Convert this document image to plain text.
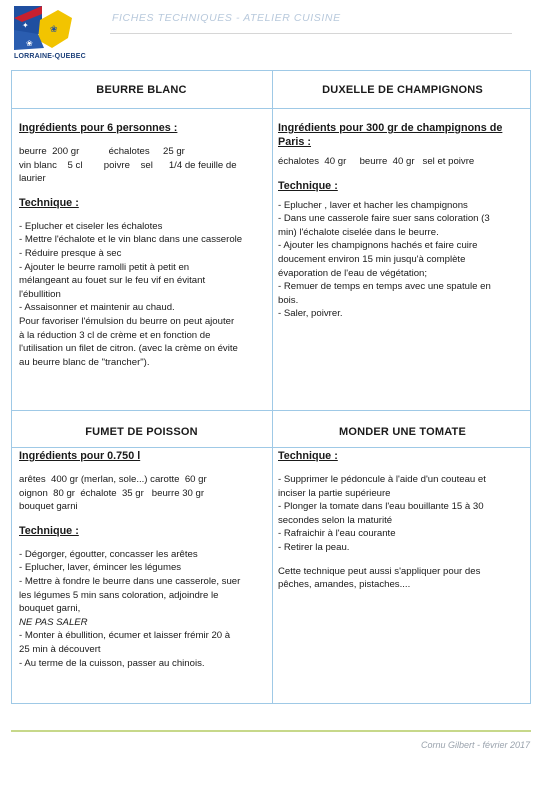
✦ ❀
❀
LORRAINE-QUEBEC
FICHES TECHNIQUES - ATELIER CUISINE
BEURRE BLANC

Ingrédients pour 6 personnes :

beurre  200 gr           échalotes     25 gr

vin blanc    5 cl        poivre    sel      1/4 de feuille de

laurier

Technique :

- Eplucher et ciseler les échalotes

- Mettre l'échalote et le vin blanc dans une casserole

- Réduire presque à sec

- Ajouter le beurre ramolli petit à petit en

mélangeant au fouet sur le feu vif en évitant

l'ébullition

- Assaisonner et maintenir au chaud.

Pour favoriser l'émulsion du beurre on peut ajouter

à la réduction 3 cl de crème et en fonction de

l'utilisation un filet de citron. (avec la crème on évite

au beurre blanc de "trancher").

DUXELLE DE CHAMPIGNONS

Ingrédients pour 300 gr de champignons de

Paris :

échalotes  40 gr     beurre  40 gr   sel et poivre

Technique :

- Eplucher , laver et hacher les champignons

- Dans une casserole faire suer sans coloration (3

min) l'échalote ciselée dans le beurre.

- Ajouter les champignons hachés et faire cuire

doucement environ 15 min jusqu'à complète

évaporation de l'eau de végétation;

- Remuer de temps en temps avec une spatule en

bois.

- Saler, poivrer.

FUMET DE POISSON

Ingrédients pour 0.750 l

arêtes  400 gr (merlan, sole...) carotte  60 gr

oignon  80 gr  échalote  35 gr   beurre 30 gr

bouquet garni

Technique :

- Dégorger, égoutter, concasser les arêtes

- Eplucher, laver, émincer les légumes

- Mettre à fondre le beurre dans une casserole, suer

les légumes 5 min sans coloration, adjoindre le

bouquet garni,

NE PAS SALER

- Monter à ébullition, écumer et laisser frémir 20 à

25 min à découvert

- Au terme de la cuisson, passer au chinois.

MONDER UNE TOMATE

Technique :

- Supprimer le pédoncule à l'aide d'un couteau et

inciser la partie supérieure

- Plonger la tomate dans l'eau bouillante 15 à 30

secondes selon la maturité

- Rafraichir à l'eau courante

- Retirer la peau.

Cette technique peut aussi s'appliquer pour des

pêches, amandes, pistaches....

Cornu Gilbert - février 2017
